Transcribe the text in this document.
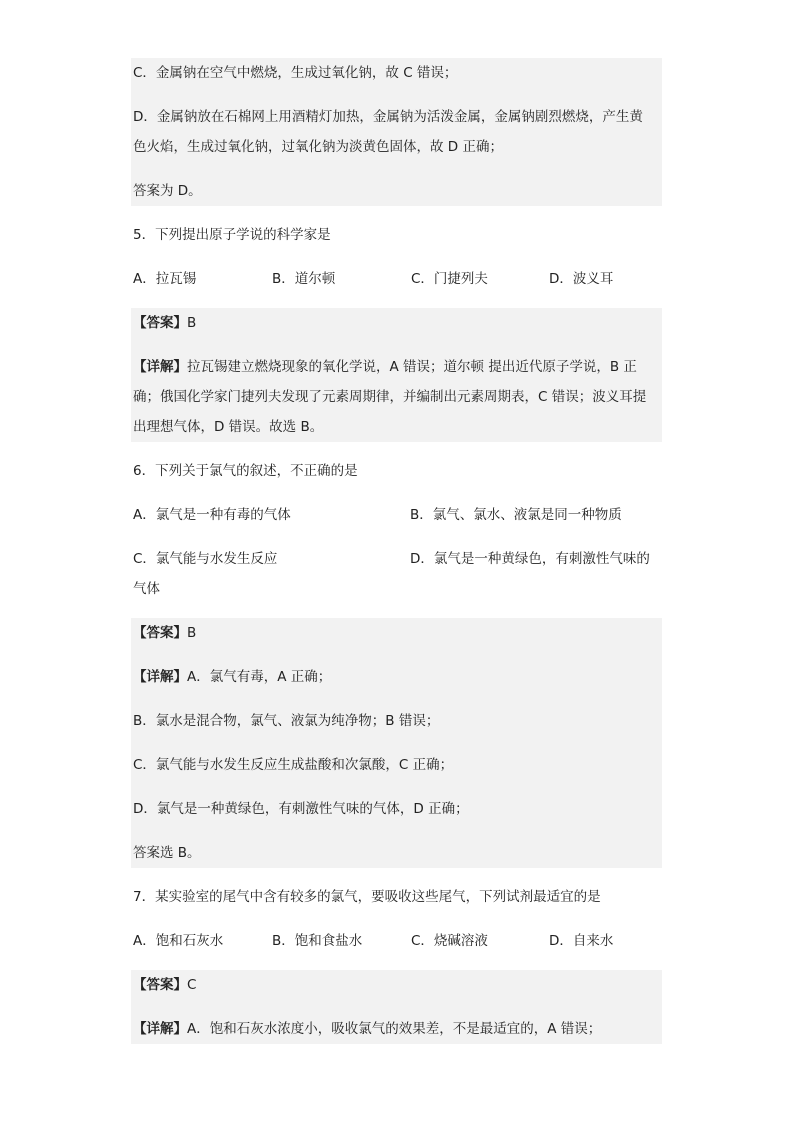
C．金属钠在空气中燃烧，生成过氧化钠，故 C 错误；
D．金属钠放在石棉网上用酒精灯加热，金属钠为活泼金属，金属钠剧烈燃烧，产生黄
色火焰，生成过氧化钠，过氧化钠为淡黄色固体，故 D 正确；
答案为 D。
5．下列提出原子学说的科学家是
A．拉瓦锡	B．道尔顿	C．门捷列夫	D．波义耳
【答案】B
【详解】拉瓦锡建立燃烧现象的氧化学说，A 错误；道尔顿 提出近代原子学说，B 正
确；俄国化学家门捷列夫发现了元素周期律，并编制出元素周期表，C 错误；波义耳提
出理想气体，D 错误。故选 B。
6．下列关于氯气的叙述，不正确的是
A．氯气是一种有毒的气体	B．氯气、氯水、液氯是同一种物质
C．氯气能与水发生反应	D．氯气是一种黄绿色，有刺激性气味的
气体
【答案】B
【详解】A．氯气有毒，A 正确；
B．氯水是混合物，氯气、液氯为纯净物；B 错误；
C．氯气能与水发生反应生成盐酸和次氯酸，C 正确；
D．氯气是一种黄绿色，有刺激性气味的气体，D 正确；
答案选 B。
7．某实验室的尾气中含有较多的氯气，要吸收这些尾气，下列试剂最适宜的是
A．饱和石灰水	B．饱和食盐水	C．烧碱溶液	D．自来水
【答案】C
【详解】A．饱和石灰水浓度小，吸收氯气的效果差，不是最适宜的，A 错误；
